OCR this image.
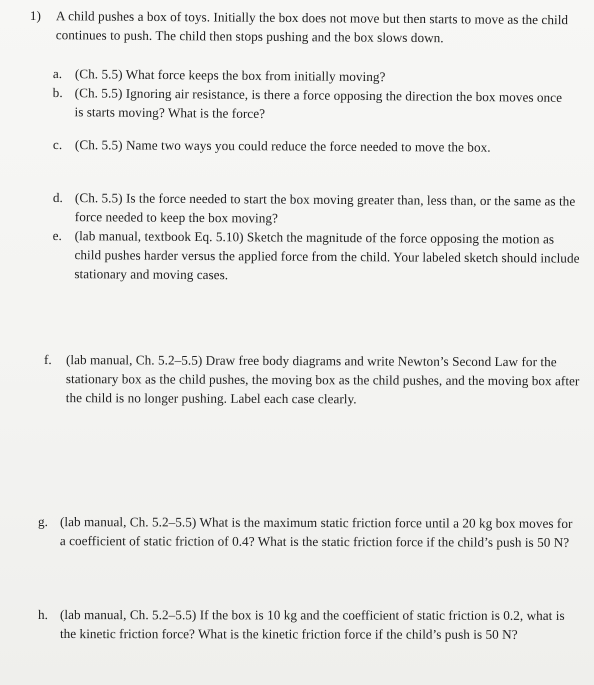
1) A child pushes a box of toys. Initially the box does not move but then starts to move as the child continues to push. The child then stops pushing and the box slows down.
a. (Ch. 5.5) What force keeps the box from initially moving?
b. (Ch. 5.5) Ignoring air resistance, is there a force opposing the direction the box moves once is starts moving? What is the force?
c. (Ch. 5.5) Name two ways you could reduce the force needed to move the box.
d. (Ch. 5.5) Is the force needed to start the box moving greater than, less than, or the same as the force needed to keep the box moving?
e. (lab manual, textbook Eq. 5.10) Sketch the magnitude of the force opposing the motion as child pushes harder versus the applied force from the child. Your labeled sketch should include stationary and moving cases.
f.	(lab manual, Ch. 5.2–5.5) Draw free body diagrams and write Newton’s Second Law for the stationary box as the child pushes, the moving box as the child pushes, and the moving box after the child is no longer pushing. Label each case clearly.
g. (lab manual, Ch. 5.2–5.5) What is the maximum static friction force until a 20 kg box moves for a coefficient of static friction of 0.4? What is the static friction force if the child’s push is 50 N?
h. (lab manual, Ch. 5.2–5.5) If the box is 10 kg and the coefficient of static friction is 0.2, what is the kinetic friction force? What is the kinetic friction force if the child’s push is 50 N?
